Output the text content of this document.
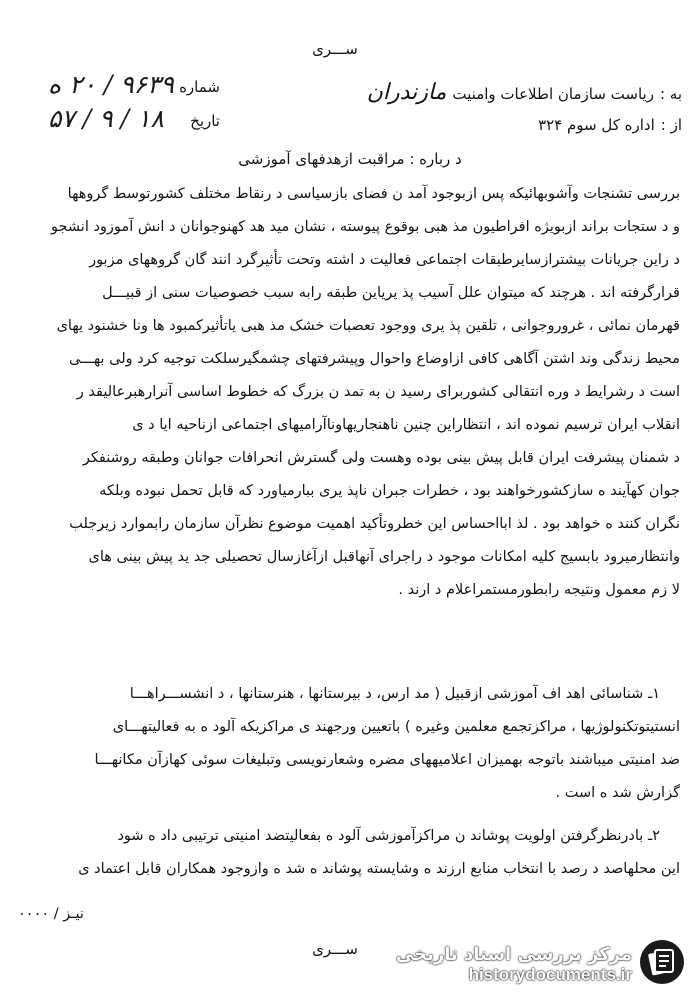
ســـری
به :
ریاست سازمان اطلاعات وامنیت
مازندران
از :
اداره کل سوم ۳۲۴
شماره
۹۶۳۹ / ۲۰ ه
تاریخ
۱۸ / ۹ / ۵۷
د رباره : مراقبت ازهدفهای آموزشی
بررسی تشنجات وآشوبهائیکه پس ازبوجود آمد ن فضای بازسیاسی د رنقاط مختلف کشورتوسط گروهها
و د ستجات براند ازبویژه افراطیون مذ هبی بوقوع پیوسته ، نشان مید هد کهنوجوانان د انش آموزود انشجو
د راین جریانات بیشترازسایرطبقات اجتماعی فعالیت د اشته وتحت تأثیرگرد انند گان گروههای مزبور
قرارگرفته اند . هرچند که میتوان علل آسیب پذ یریاین طبقه رابه سبب خصوصیات سنی از قبیـــل
قهرمان نمائی ، غروروجوانی ، تلقین پذ یری ووجود تعصبات خشک مذ هبی یاتأثیرکمبود ها ونا خشنود یهای
محیط زندگی وند اشتن آگاهی کافی ازاوضاع واحوال وپیشرفتهای چشمگیرسلکت توجیه کرد ولی بهـــی
است د رشرایط د وره انتقالی کشوربرای رسید ن به تمد ن بزرگ که خطوط اساسی آنرارهبرعالیقد ر
انقلاب ایران ترسیم نموده اند ، انتظاراین چنین ناهنجاریهاوناآرامیهای اجتماعی ازناحیه ایا د ی
د شمنان پیشرفت ایران قابل پیش بینی بوده وهست ولی گسترش انحرافات جوانان وطبقه روشنفکر
جوان کهآیند ه سازکشورخواهند بود ، خطرات جبران ناپذ یری ببارمیاورد که قابل تحمل نبوده وبلکه
نگران کنند ه خواهد بود . لذ ابااحساس این خطروتأکید اهمیت موضوع نظرآن سازمان رابموارد زیرجلب
وانتظارمیرود بابسیج کلیه امکانات موجود د راجرای آنهاقبل ازآغازسال تحصیلی جد ید پیش بینی های
لا زم معمول ونتیجه رابطورمستمراعلام د ارند .
۱ـ شناسائی اهد اف آموزشی ازقبیل ( مد ارس، د بیرستانها ، هنرستانها ، د انشســـراهـــا
انستیتوتکنولوژیها ، مراکزتجمع معلمین وغیره ) باتعیین ورجهند ی مراکزیکه آلود ه به فعالیتهـــای
ضد امنیتی میباشند باتوجه بهمیزان اعلامیههای مضره وشعارنویسی وتبلیغات سوئی کهازآن مکانهـــا
گزارش شد ه است .
۲ـ بادرنظرگرفتن اولویت پوشاند ن مراکزآموزشی آلود ه بفعالیتضد امنیتی ترتیبی داد ه شود
این محلهاصد د رصد با انتخاب منابع ارزند ه وشایسته پوشاند ه شد ه وازوجود همکاران قابل اعتماد ی
نیـز / ۰۰۰۰
ســـری	مرکز بررسی اسناد تاریخی
historydocuments.ir
